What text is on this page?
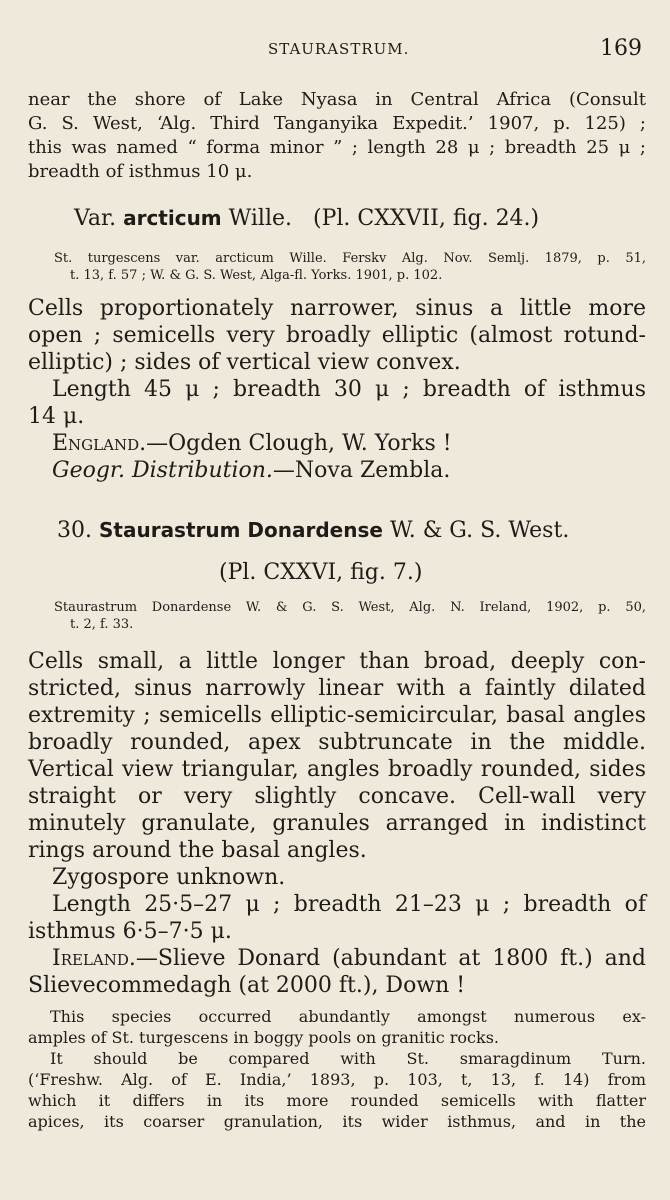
STAURASTRUM.	169
near the shore of Lake Nyasa in Central Africa (Consult
G. S. West, ‘Alg. Third Tanganyika Expedit.’ 1907, p. 125) ;
this was named “ forma minor ” ; length 28 μ ; breadth 25 μ ;
breadth of isthmus 10 μ.
Var. arcticum Wille. (Pl. CXXVII, fig. 24.)
St. turgescens var. arcticum Wille. Ferskv Alg. Nov. Semlj. 1879, p. 51,
t. 13, f. 57 ; W. & G. S. West, Alga-fl. Yorks. 1901, p. 102.
Cells proportionately narrower, sinus a little more
open ; semicells very broadly elliptic (almost rotund-
elliptic) ; sides of vertical view convex.
Length 45 μ ; breadth 30 μ ; breadth of isthmus
14 μ.
England.—Ogden Clough, W. Yorks !
Geogr. Distribution.—Nova Zembla.
30. Staurastrum Donardense W. & G. S. West.
(Pl. CXXVI, fig. 7.)
Staurastrum Donardense W. & G. S. West, Alg. N. Ireland, 1902, p. 50,
t. 2, f. 33.
Cells small, a little longer than broad, deeply con-
stricted, sinus narrowly linear with a faintly dilated
extremity ; semicells elliptic-semicircular, basal angles
broadly rounded, apex subtruncate in the middle.
Vertical view triangular, angles broadly rounded, sides
straight or very slightly concave. Cell-wall very
minutely granulate, granules arranged in indistinct
rings around the basal angles.
Zygospore unknown.
Length 25·5–27 μ ; breadth 21–23 μ ; breadth of
isthmus 6·5–7·5 μ.
Ireland.—Slieve Donard (abundant at 1800 ft.) and
Slievecommedagh (at 2000 ft.), Down !
This species occurred abundantly amongst numerous ex-
amples of St. turgescens in boggy pools on granitic rocks.
It should be compared with St. smaragdinum Turn.
(‘Freshw. Alg. of E. India,’ 1893, p. 103, t, 13, f. 14) from
which it differs in its more rounded semicells with flatter
apices, its coarser granulation, its wider isthmus, and in the
